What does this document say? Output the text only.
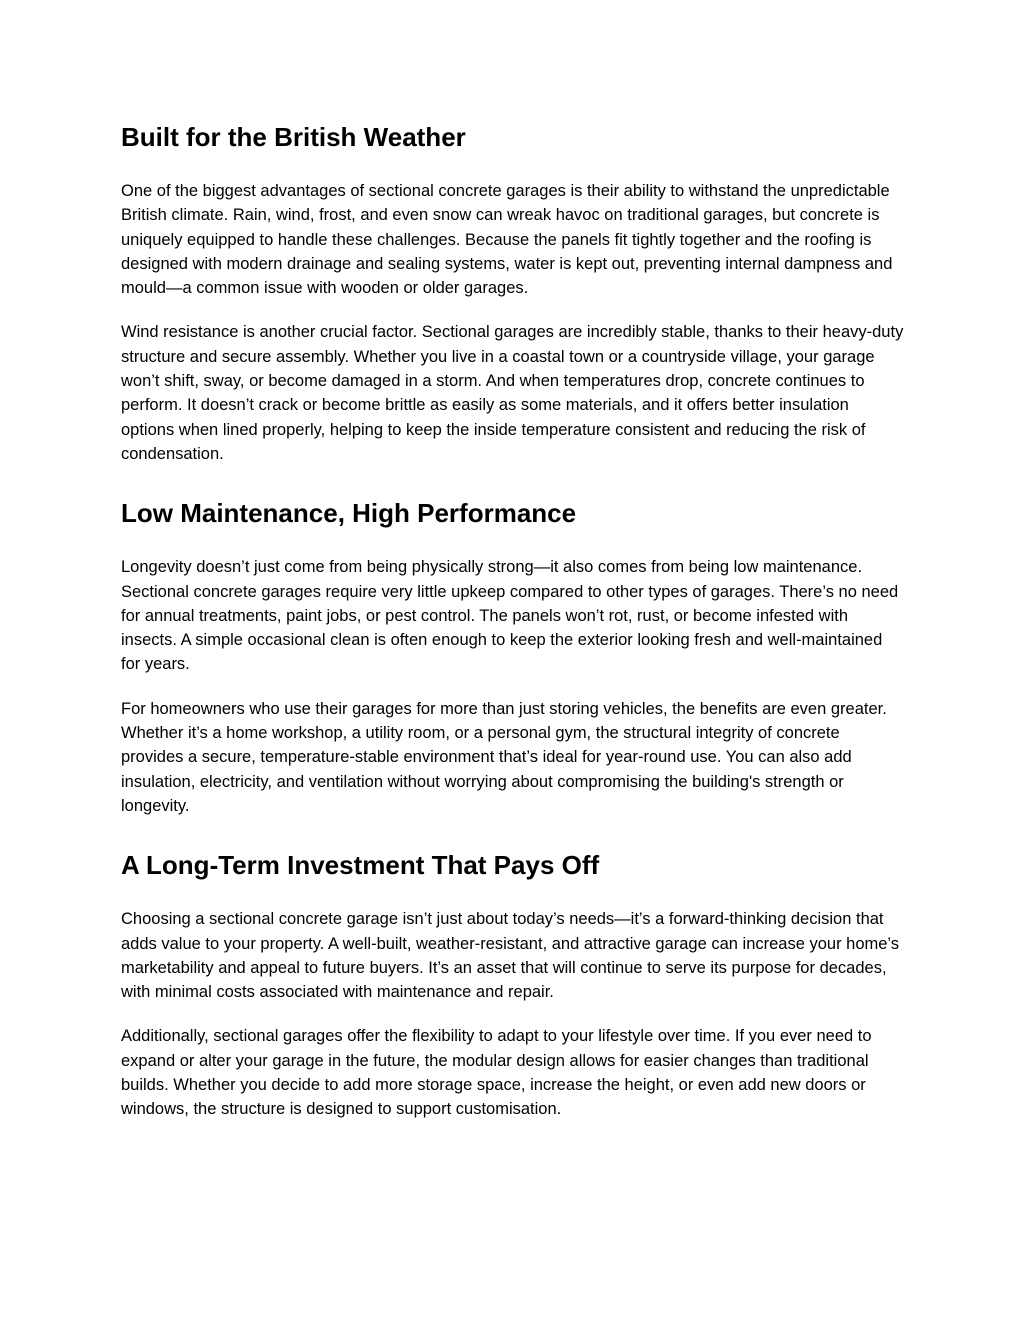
Built for the British Weather

One of the biggest advantages of sectional concrete garages is their ability to withstand the unpredictable British climate. Rain, wind, frost, and even snow can wreak havoc on traditional garages, but concrete is uniquely equipped to handle these challenges. Because the panels fit tightly together and the roofing is designed with modern drainage and sealing systems, water is kept out, preventing internal dampness and mould—a common issue with wooden or older garages.

Wind resistance is another crucial factor. Sectional garages are incredibly stable, thanks to their heavy-duty structure and secure assembly. Whether you live in a coastal town or a countryside village, your garage won’t shift, sway, or become damaged in a storm. And when temperatures drop, concrete continues to perform. It doesn’t crack or become brittle as easily as some materials, and it offers better insulation options when lined properly, helping to keep the inside temperature consistent and reducing the risk of condensation.

Low Maintenance, High Performance

Longevity doesn’t just come from being physically strong—it also comes from being low maintenance. Sectional concrete garages require very little upkeep compared to other types of garages. There’s no need for annual treatments, paint jobs, or pest control. The panels won’t rot, rust, or become infested with insects. A simple occasional clean is often enough to keep the exterior looking fresh and well-maintained for years.

For homeowners who use their garages for more than just storing vehicles, the benefits are even greater. Whether it’s a home workshop, a utility room, or a personal gym, the structural integrity of concrete provides a secure, temperature-stable environment that’s ideal for year-round use. You can also add insulation, electricity, and ventilation without worrying about compromising the building's strength or longevity.

A Long-Term Investment That Pays Off

Choosing a sectional concrete garage isn’t just about today’s needs—it’s a forward-thinking decision that adds value to your property. A well-built, weather-resistant, and attractive garage can increase your home’s marketability and appeal to future buyers. It’s an asset that will continue to serve its purpose for decades, with minimal costs associated with maintenance and repair.

Additionally, sectional garages offer the flexibility to adapt to your lifestyle over time. If you ever need to expand or alter your garage in the future, the modular design allows for easier changes than traditional builds. Whether you decide to add more storage space, increase the height, or even add new doors or windows, the structure is designed to support customisation.
